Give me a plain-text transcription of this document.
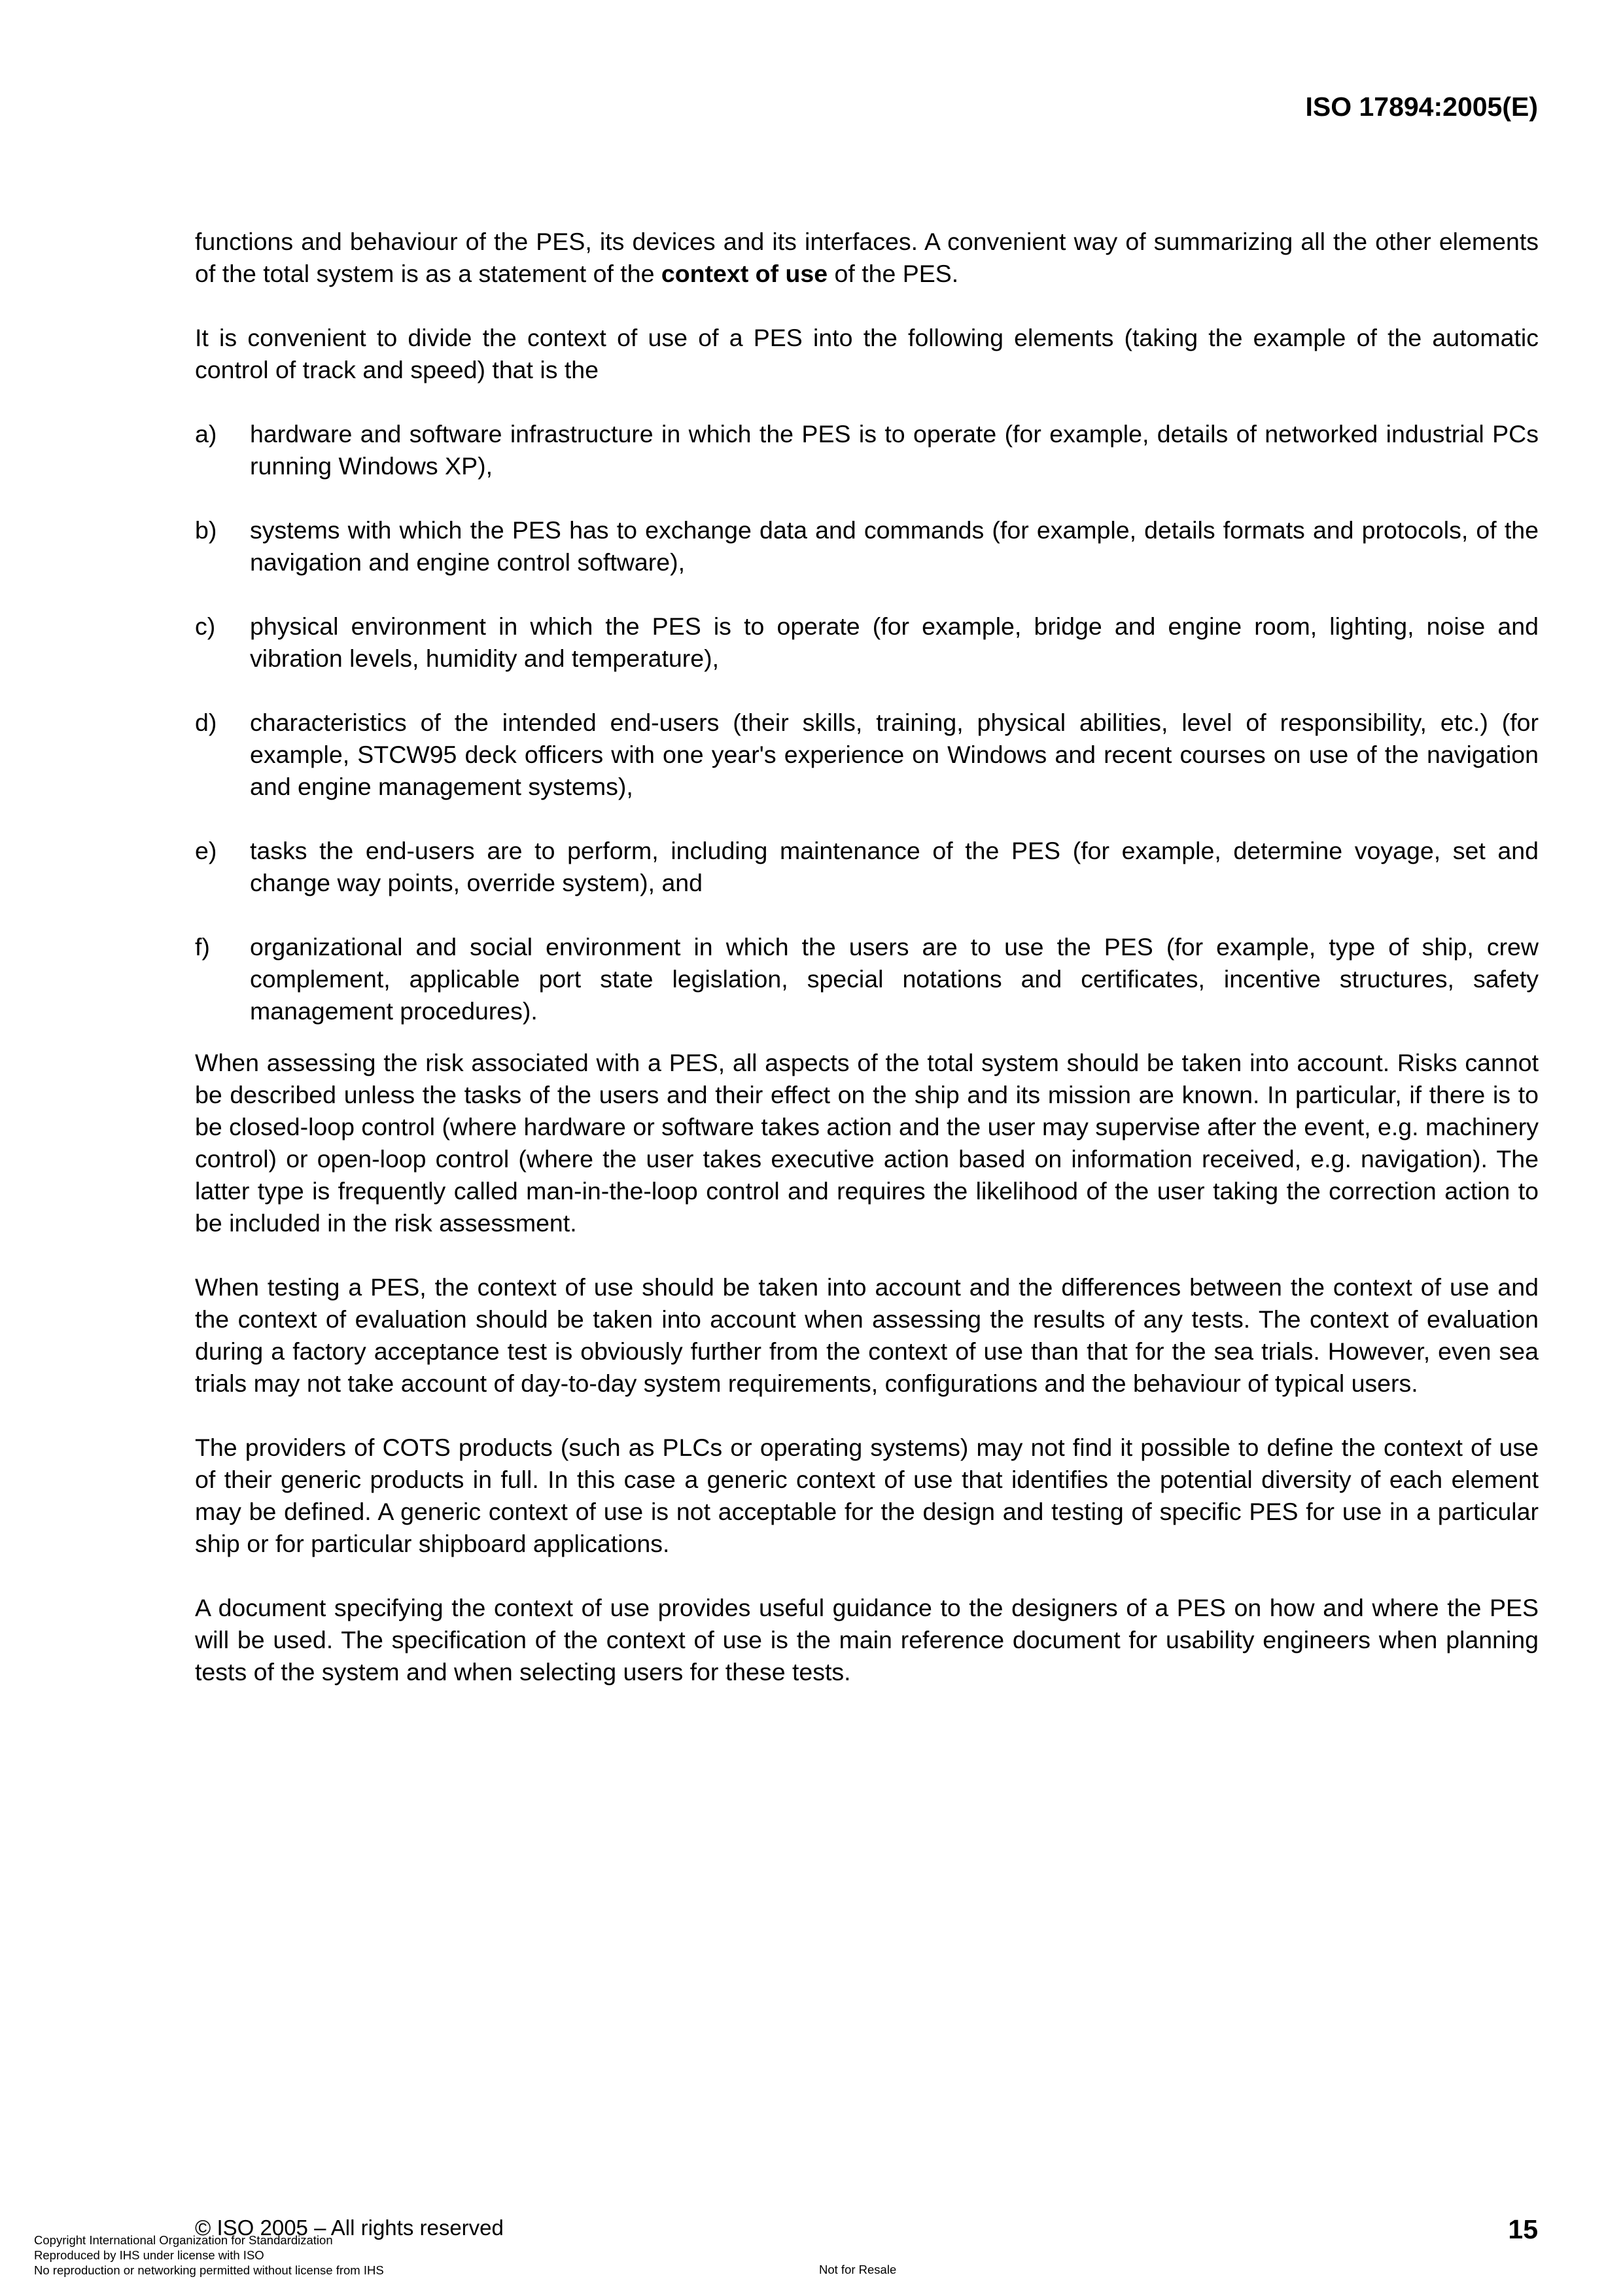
ISO 17894:2005(E)

functions and behaviour of the PES, its devices and its interfaces. A convenient way of summarizing all the other elements of the total system is as a statement of the context of use of the PES.

It is convenient to divide the context of use of a PES into the following elements (taking the example of the automatic control of track and speed) that is the

a) hardware and software infrastructure in which the PES is to operate (for example, details of networked industrial PCs running Windows XP),
b) systems with which the PES has to exchange data and commands (for example, details formats and protocols, of the navigation and engine control software),
c) physical environment in which the PES is to operate (for example, bridge and engine room, lighting, noise and vibration levels, humidity and temperature),
d) characteristics of the intended end-users (their skills, training, physical abilities, level of responsibility, etc.) (for example, STCW95 deck officers with one year's experience on Windows and recent courses on use of the navigation and engine management systems),
e) tasks the end-users are to perform, including maintenance of the PES (for example, determine voyage, set and change way points, override system), and
f) organizational and social environment in which the users are to use the PES (for example, type of ship, crew complement, applicable port state legislation, special notations and certificates, incentive structures, safety management procedures).

When assessing the risk associated with a PES, all aspects of the total system should be taken into account. Risks cannot be described unless the tasks of the users and their effect on the ship and its mission are known. In particular, if there is to be closed-loop control (where hardware or software takes action and the user may supervise after the event, e.g. machinery control) or open-loop control (where the user takes executive action based on information received, e.g. navigation). The latter type is frequently called man-in-the-loop control and requires the likelihood of the user taking the correction action to be included in the risk assessment.

When testing a PES, the context of use should be taken into account and the differences between the context of use and the context of evaluation should be taken into account when assessing the results of any tests. The context of evaluation during a factory acceptance test is obviously further from the context of use than that for the sea trials. However, even sea trials may not take account of day-to-day system requirements, configurations and the behaviour of typical users.

The providers of COTS products (such as PLCs or operating systems) may not find it possible to define the context of use of their generic products in full. In this case a generic context of use that identifies the potential diversity of each element may be defined. A generic context of use is not acceptable for the design and testing of specific PES for use in a particular ship or for particular shipboard applications.

A document specifying the context of use provides useful guidance to the designers of a PES on how and where the PES will be used. The specification of the context of use is the main reference document for usability engineers when planning tests of the system and when selecting users for these tests.

© ISO 2005 – All rights reserved	15
Copyright International Organization for Standardization
Reproduced by IHS under license with ISO
No reproduction or networking permitted without license from IHS	Not for Resale
